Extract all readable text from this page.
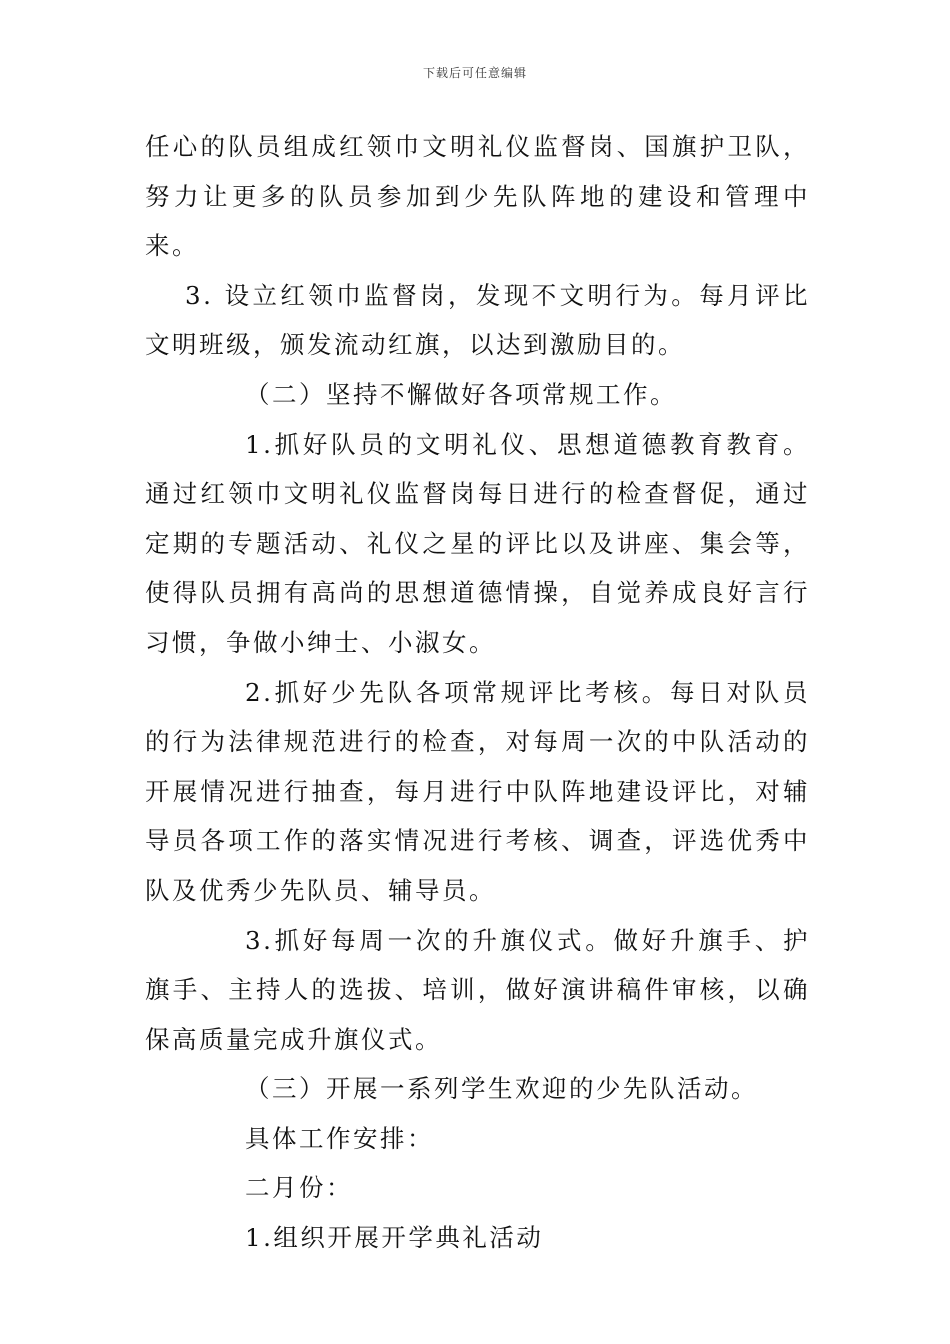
下载后可任意编辑

任心的队员组成红领巾文明礼仪监督岗、国旗护卫队，努力让更多的队员参加到少先队阵地的建设和管理中来。

3. 设立红领巾监督岗，发现不文明行为。每月评比文明班级，颁发流动红旗，以达到激励目的。

（二）坚持不懈做好各项常规工作。

1.抓好队员的文明礼仪、思想道德教育教育。通过红领巾文明礼仪监督岗每日进行的检查督促，通过定期的专题活动、礼仪之星的评比以及讲座、集会等，使得队员拥有高尚的思想道德情操，自觉养成良好言行习惯，争做小绅士、小淑女。

2.抓好少先队各项常规评比考核。每日对队员的行为法律规范进行的检查，对每周一次的中队活动的开展情况进行抽查，每月进行中队阵地建设评比，对辅导员各项工作的落实情况进行考核、调查，评选优秀中队及优秀少先队员、辅导员。

3.抓好每周一次的升旗仪式。做好升旗手、护旗手、主持人的选拔、培训，做好演讲稿件审核，以确保高质量完成升旗仪式。

（三）开展一系列学生欢迎的少先队活动。

具体工作安排：

二月份：

1.组织开展开学典礼活动
